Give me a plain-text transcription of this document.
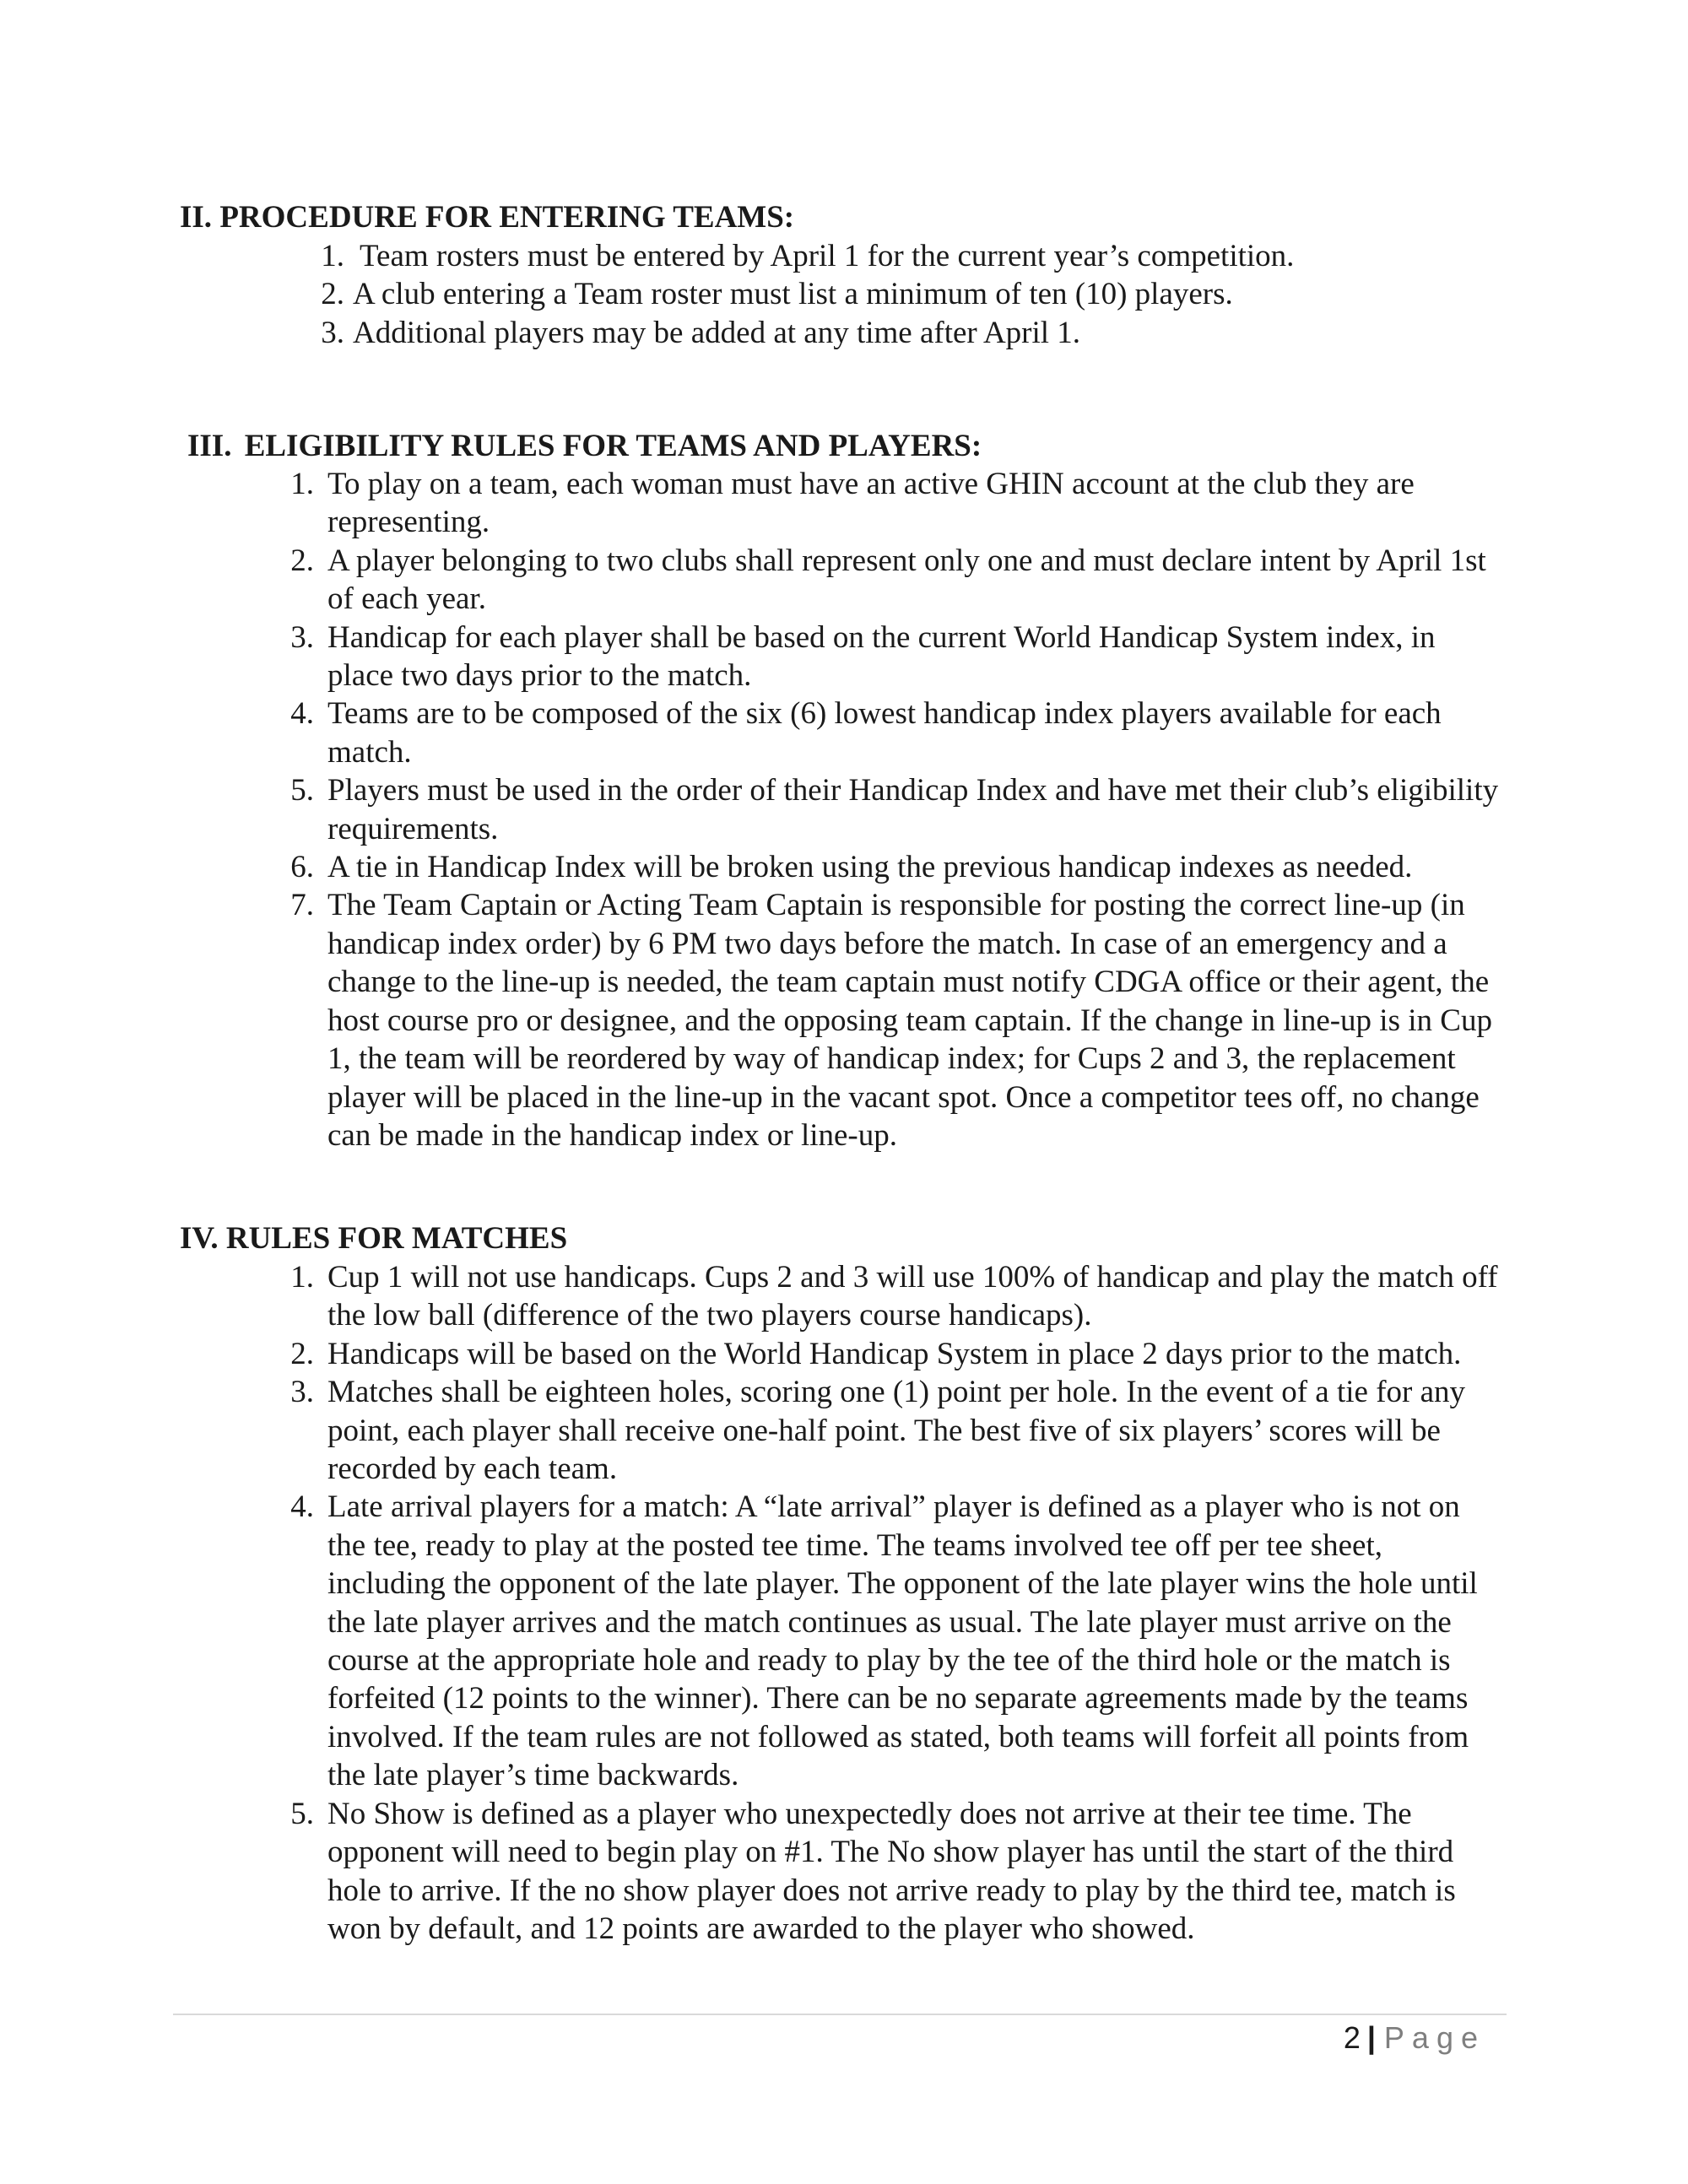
II. PROCEDURE FOR ENTERING TEAMS:
1. Team rosters must be entered by April 1 for the current year’s competition.
2. A club entering a Team roster must list a minimum of ten (10) players.
3. Additional players may be added at any time after April 1.
III. ELIGIBILITY RULES FOR TEAMS AND PLAYERS:
1. To play on a team, each woman must have an active GHIN account at the club they are representing.
2. A player belonging to two clubs shall represent only one and must declare intent by April 1st of each year.
3. Handicap for each player shall be based on the current World Handicap System index, in place two days prior to the match.
4. Teams are to be composed of the six (6) lowest handicap index players available for each match.
5. Players must be used in the order of their Handicap Index and have met their club’s eligibility requirements.
6. A tie in Handicap Index will be broken using the previous handicap indexes as needed.
7. The Team Captain or Acting Team Captain is responsible for posting the correct line-up (in handicap index order) by 6 PM two days before the match. In case of an emergency and a change to the line-up is needed, the team captain must notify CDGA office or their agent, the host course pro or designee, and the opposing team captain. If the change in line-up is in Cup 1, the team will be reordered by way of handicap index; for Cups 2 and 3, the replacement player will be placed in the line-up in the vacant spot. Once a competitor tees off, no change can be made in the handicap index or line-up.
IV. RULES FOR MATCHES
1. Cup 1 will not use handicaps. Cups 2 and 3 will use 100% of handicap and play the match off the low ball (difference of the two players course handicaps).
2. Handicaps will be based on the World Handicap System in place 2 days prior to the match.
3. Matches shall be eighteen holes, scoring one (1) point per hole. In the event of a tie for any point, each player shall receive one-half point. The best five of six players’ scores will be recorded by each team.
4. Late arrival players for a match: A “late arrival” player is defined as a player who is not on the tee, ready to play at the posted tee time. The teams involved tee off per tee sheet, including the opponent of the late player. The opponent of the late player wins the hole until the late player arrives and the match continues as usual. The late player must arrive on the course at the appropriate hole and ready to play by the tee of the third hole or the match is forfeited (12 points to the winner). There can be no separate agreements made by the teams involved. If the team rules are not followed as stated, both teams will forfeit all points from the late player’s time backwards.
5. No Show is defined as a player who unexpectedly does not arrive at their tee time. The opponent will need to begin play on #1. The No show player has until the start of the third hole to arrive. If the no show player does not arrive ready to play by the third tee, match is won by default, and 12 points are awarded to the player who showed.
2 | Page
